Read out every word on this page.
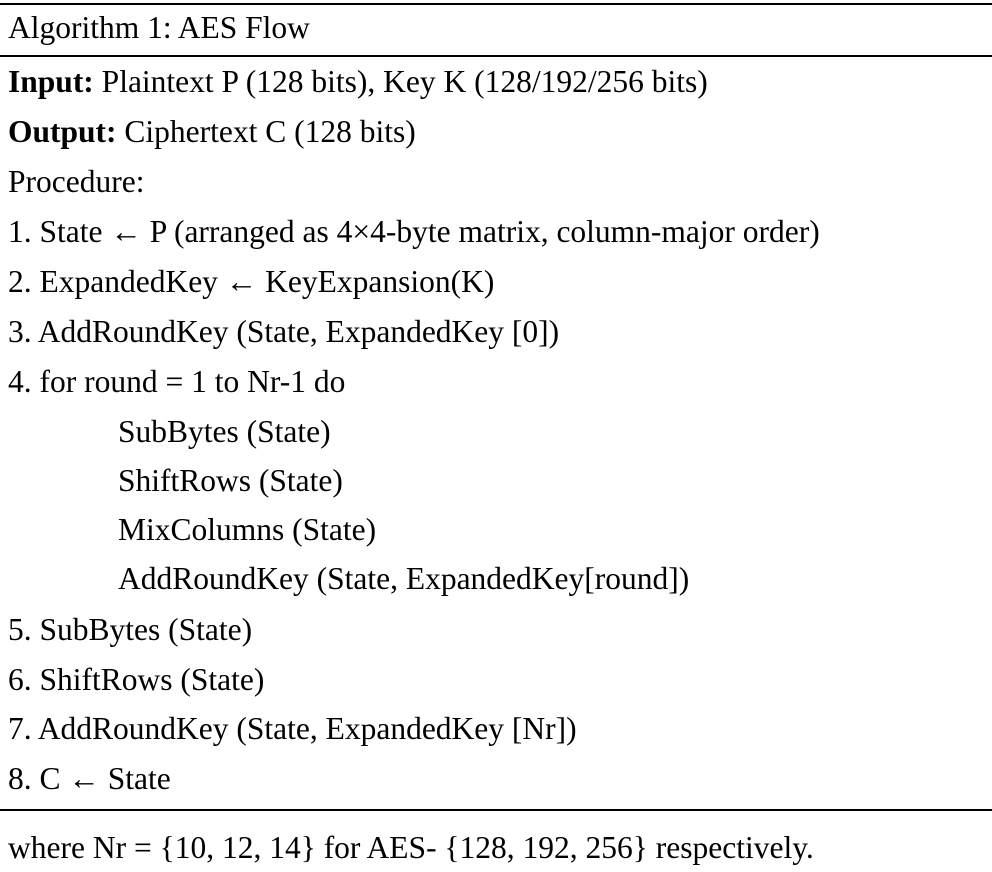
Algorithm 1: AES Flow
Input: Plaintext P (128 bits), Key K (128/192/256 bits)
Output: Ciphertext C (128 bits)
Procedure:
1. State ← P (arranged as 4×4-byte matrix, column-major order)
2. ExpandedKey ← KeyExpansion(K)
3. AddRoundKey (State, ExpandedKey [0])
4. for round = 1 to Nr-1 do
SubBytes (State)
ShiftRows (State)
MixColumns (State)
AddRoundKey (State, ExpandedKey[round])
5. SubBytes (State)
6. ShiftRows (State)
7. AddRoundKey (State, ExpandedKey [Nr])
8. C ← State
where Nr = {10, 12, 14} for AES- {128, 192, 256} respectively.
